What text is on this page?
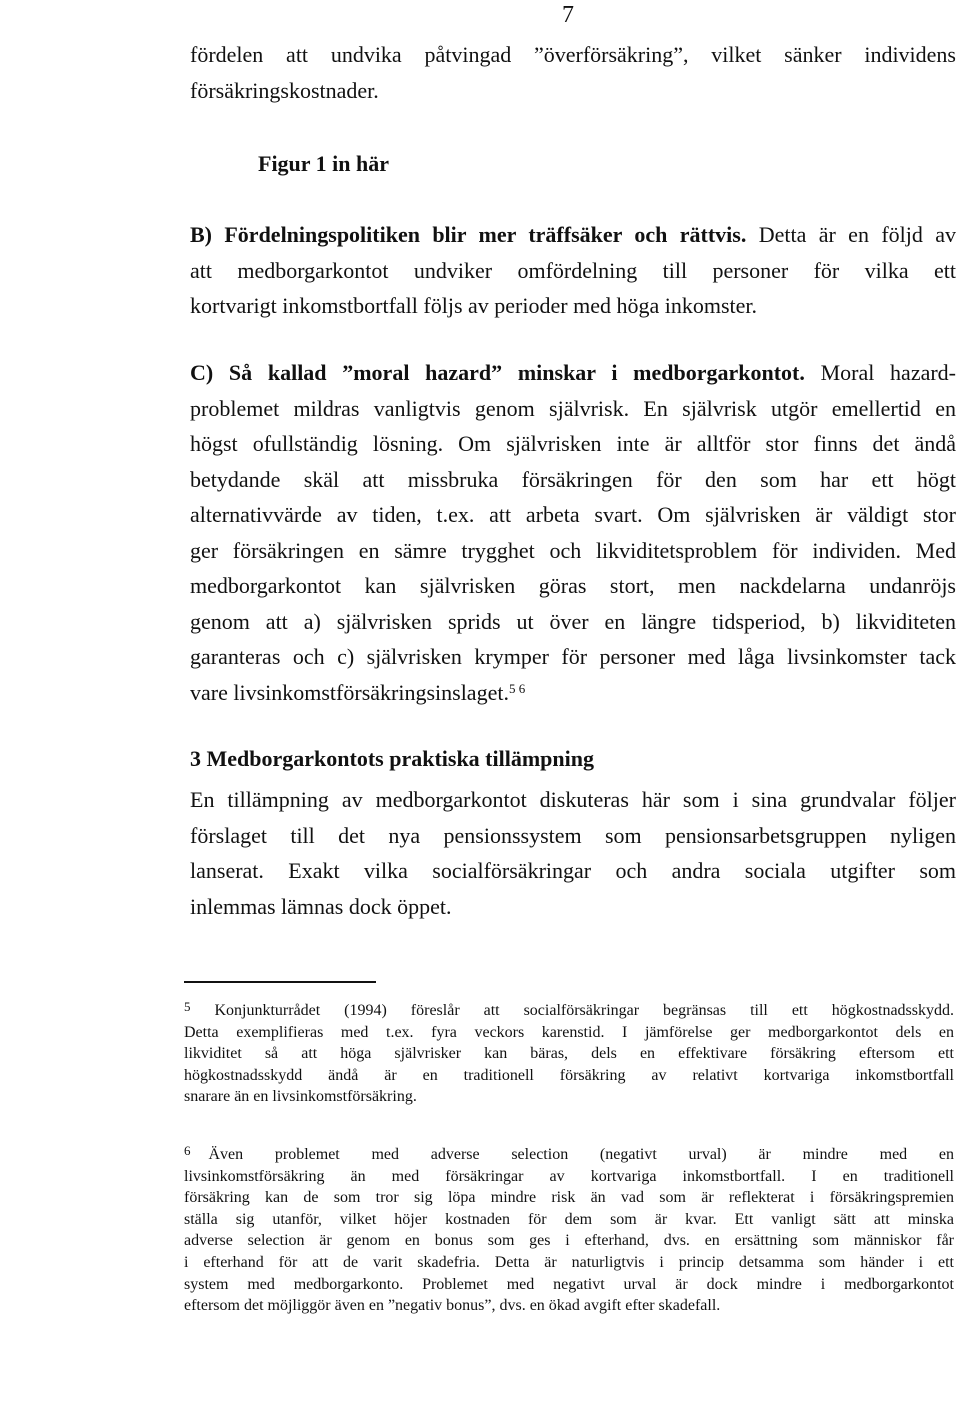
7
fördelen att undvika påtvingad ”överförsäkring”, vilket sänker individens
försäkringskostnader.
Figur 1 in här
B) Fördelningspolitiken blir mer träffsäker och rättvis. Detta är en följd av
att medborgarkontot undviker omfördelning till personer för vilka ett
kortvarigt inkomstbortfall följs av perioder med höga inkomster.
C) Så kallad ”moral hazard” minskar i medborgarkontot. Moral hazard-
problemet mildras vanligtvis genom självrisk. En självrisk utgör emellertid en
högst ofullständig lösning. Om självrisken inte är alltför stor finns det ändå
betydande skäl att missbruka försäkringen för den som har ett högt
alternativvärde av tiden, t.ex. att arbeta svart. Om självrisken är väldigt stor
ger försäkringen en sämre trygghet och likviditetsproblem för individen. Med
medborgarkontot kan självrisken göras stort, men nackdelarna undanröjs
genom att a) självrisken sprids ut över en längre tidsperiod, b) likviditeten
garanteras och c) självrisken krymper för personer med låga livsinkomster tack
vare livsinkomstförsäkringsinslaget.$^{5 6}$
3 Medborgarkontots praktiska tillämpning
En tillämpning av medborgarkontot diskuteras här som i sina grundvalar följer
förslaget till det nya pensionssystem som pensionsarbetsgruppen nyligen
lanserat. Exakt vilka socialförsäkringar och andra sociala utgifter som
inlemmas lämnas dock öppet.
$^5$ Konjunkturrådet (1994) föreslår att socialförsäkringar begränsas till ett högkostnadsskydd.
Detta exemplifieras med t.ex. fyra veckors karenstid. I jämförelse ger medborgarkontot dels en
likviditet så att höga självrisker kan bäras, dels en effektivare försäkring eftersom ett
högkostnadsskydd ändå är en traditionell försäkring av relativt kortvariga inkomstbortfall
snarare än en livsinkomstförsäkring.
$^6$ Även problemet med adverse selection (negativt urval) är mindre med en
livsinkomstförsäkring än med försäkringar av kortvariga inkomstbortfall. I en traditionell
försäkring kan de som tror sig löpa mindre risk än vad som är reflekterat i försäkringspremien
ställa sig utanför, vilket höjer kostnaden för dem som är kvar. Ett vanligt sätt att minska
adverse selection är genom en bonus som ges i efterhand, dvs. en ersättning som människor får
i efterhand för att de varit skadefria. Detta är naturligtvis i princip detsamma som händer i ett
system med medborgarkonto. Problemet med negativt urval är dock mindre i medborgarkontot
eftersom det möjliggör även en ”negativ bonus”, dvs. en ökad avgift efter skadefall.
